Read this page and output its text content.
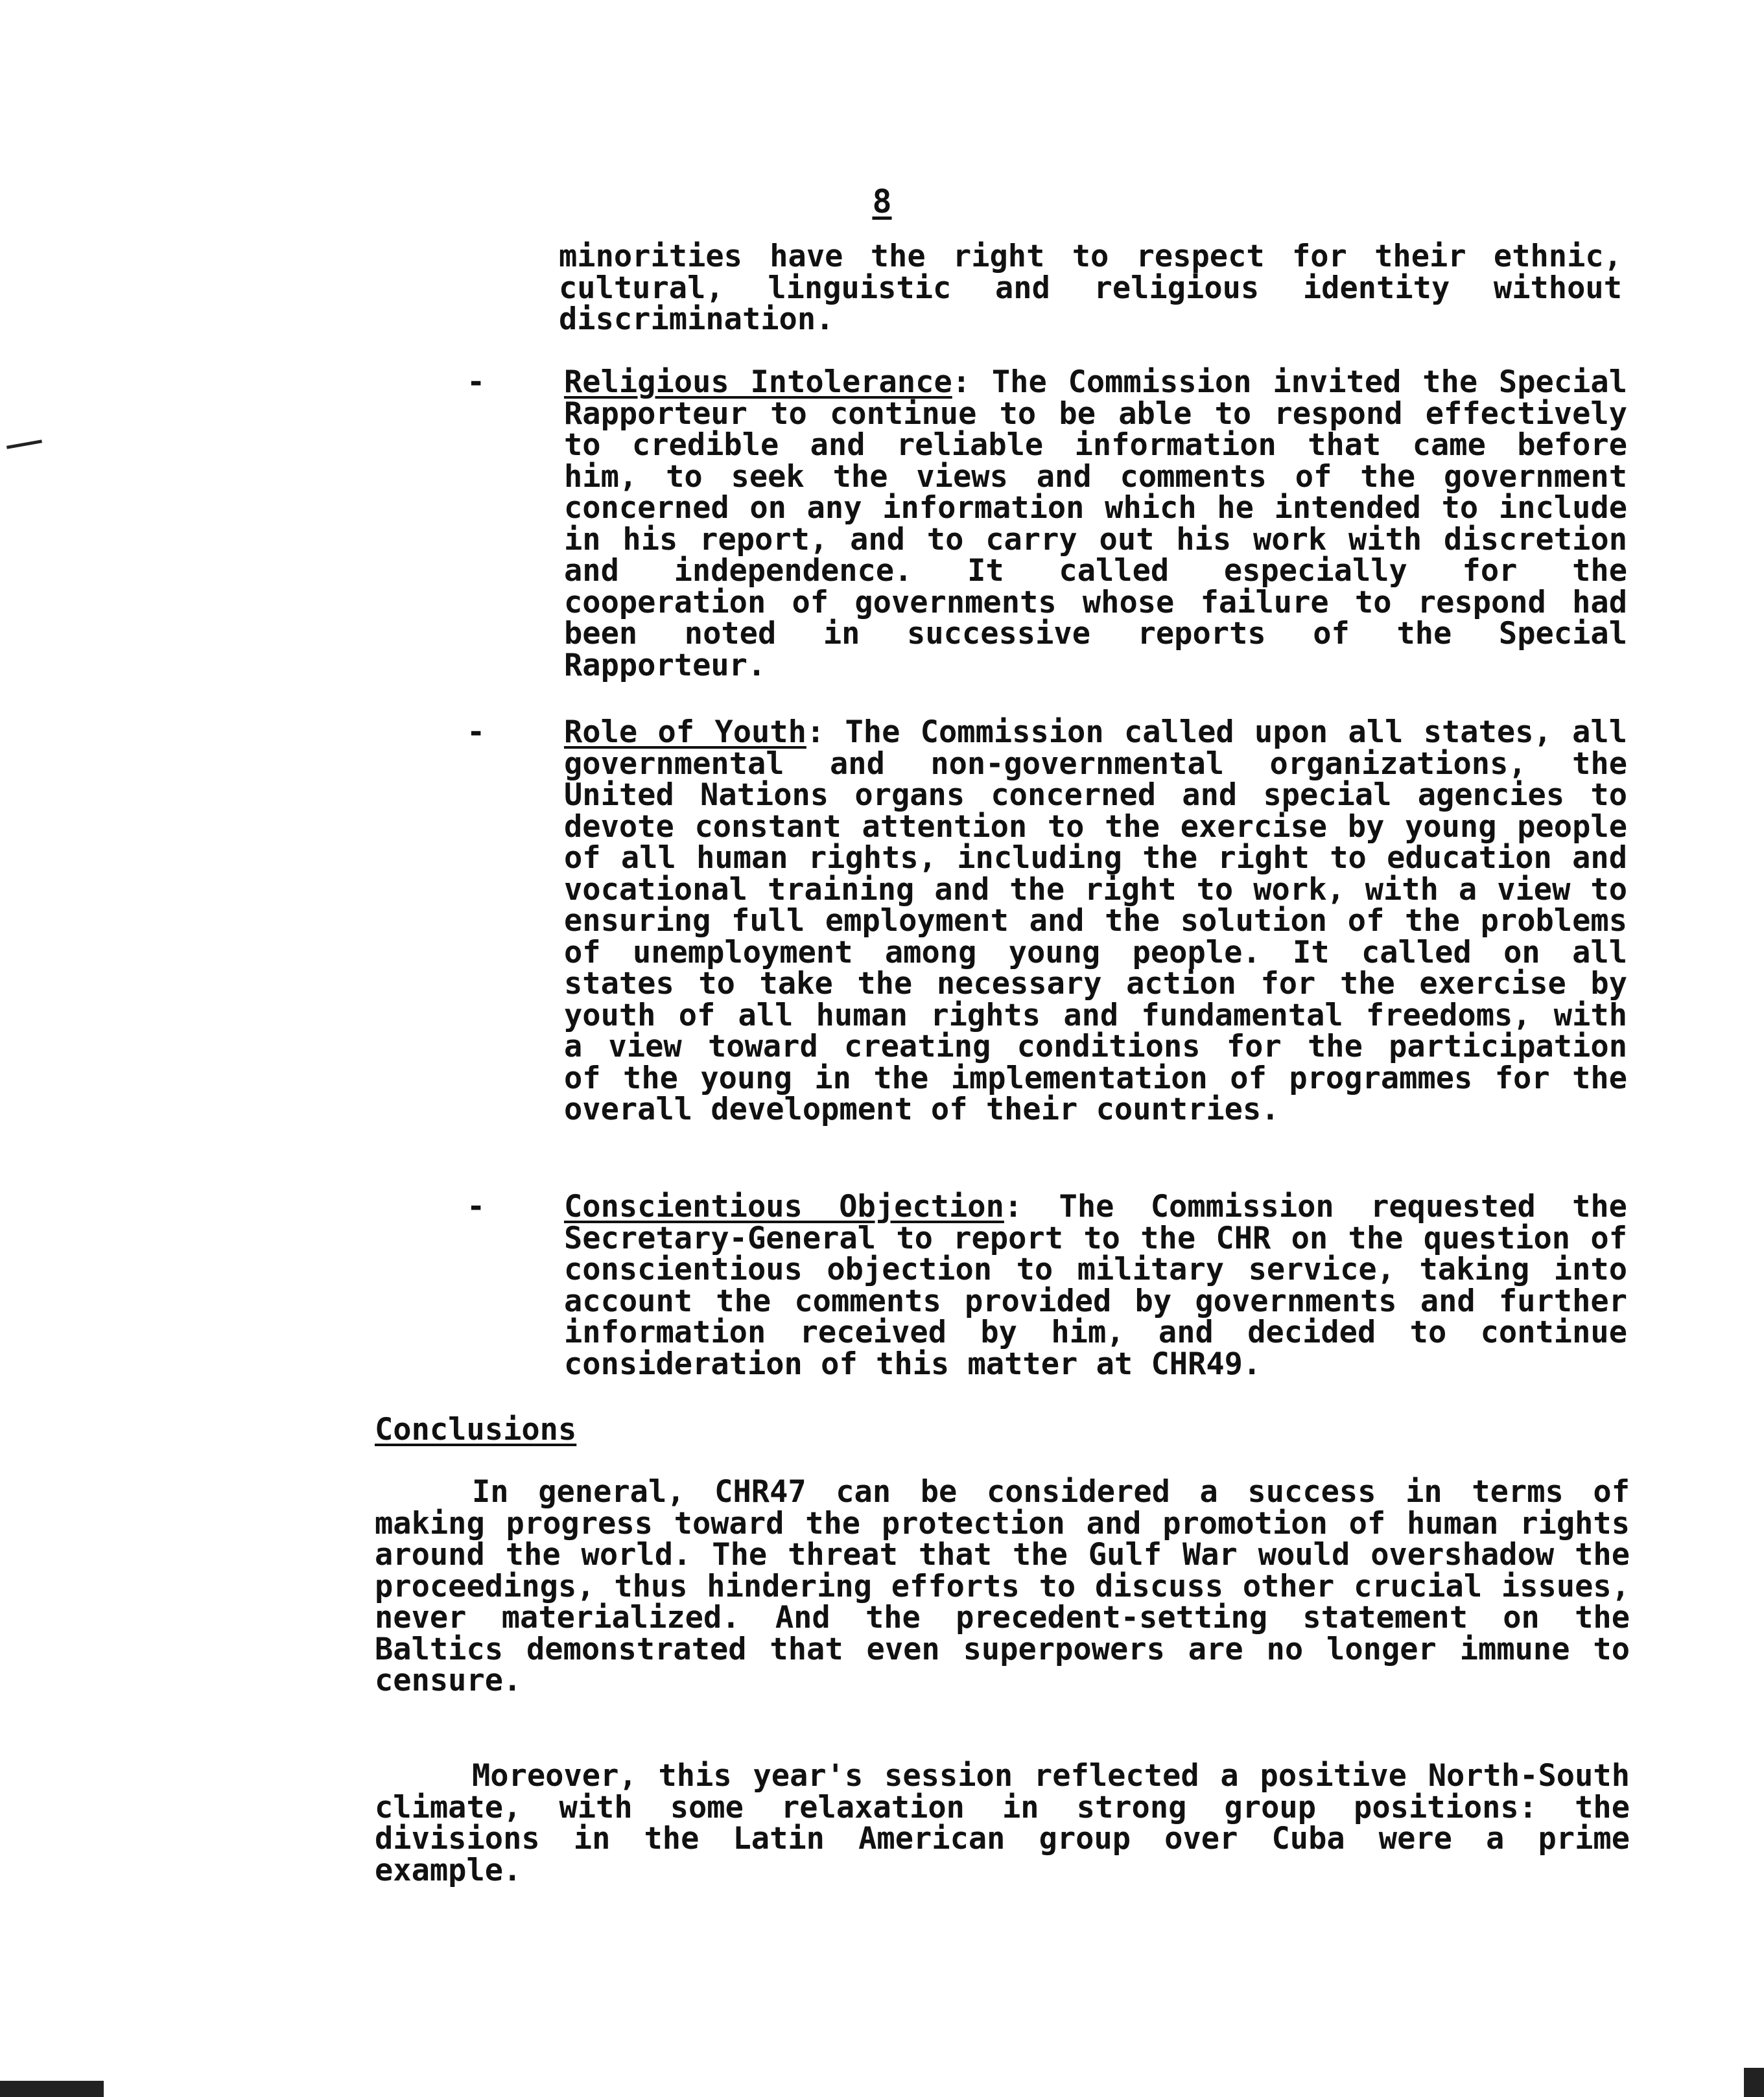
8

minorities have the right to respect for their ethnic, cultural, linguistic and religious identity without discrimination.

-	Religious Intolerance: The Commission invited the Special Rapporteur to continue to be able to respond effectively to credible and reliable information that came before him, to seek the views and comments of the government concerned on any information which he intended to include in his report, and to carry out his work with discretion and independence. It called especially for the cooperation of governments whose failure to respond had been noted in successive reports of the Special Rapporteur.

-	Role of Youth: The Commission called upon all states, all governmental and non-governmental organizations, the United Nations organs concerned and special agencies to devote constant attention to the exercise by young people of all human rights, including the right to education and vocational training and the right to work, with a view to ensuring full employment and the solution of the problems of unemployment among young people. It called on all states to take the necessary action for the exercise by youth of all human rights and fundamental freedoms, with a view toward creating conditions for the participation of the young in the implementation of programmes for the overall development of their countries.

-	Conscientious Objection: The Commission requested the Secretary-General to report to the CHR on the question of conscientious objection to military service, taking into account the comments provided by governments and further information received by him, and decided to continue consideration of this matter at CHR49.

Conclusions

In general, CHR47 can be considered a success in terms of making progress toward the protection and promotion of human rights around the world. The threat that the Gulf War would overshadow the proceedings, thus hindering efforts to discuss other crucial issues, never materialized. And the precedent-setting statement on the Baltics demonstrated that even superpowers are no longer immune to censure.

Moreover, this year's session reflected a positive North-South climate, with some relaxation in strong group positions: the divisions in the Latin American group over Cuba were a prime example.
